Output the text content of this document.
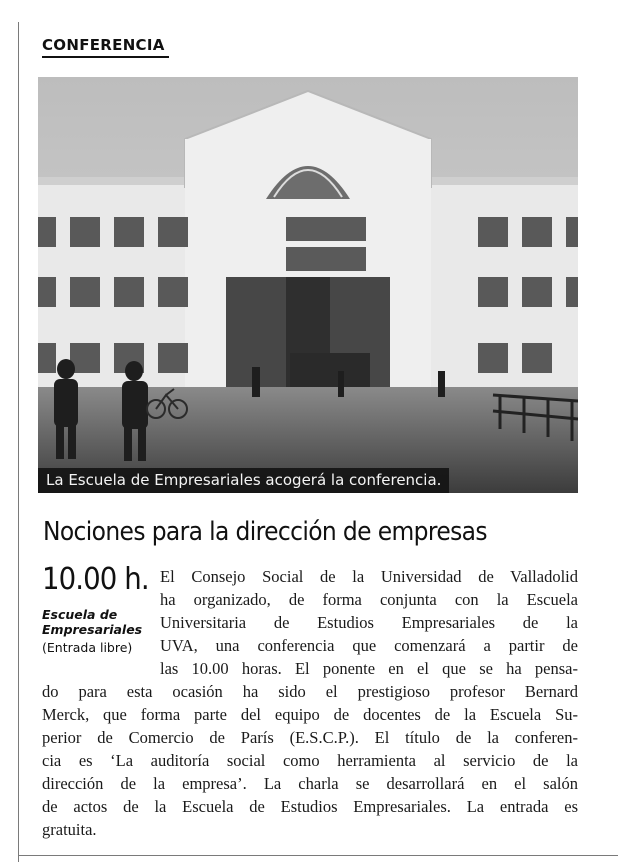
CONFERENCIA
La Escuela de Empresariales acogerá la conferencia.
Nociones para la dirección de empresas
10.00 h.
Escuela de
Empresariales
(Entrada libre)
El Consejo Social de la Universidad de Valladolid
ha organizado, de forma conjunta con la Escuela
Universitaria de Estudios Empresariales de la
UVA, una conferencia que comenzará a partir de
las 10.00 horas. El ponente en el que se ha pensa-
do para esta ocasión ha sido el prestigioso profesor Bernard
Merck, que forma parte del equipo de docentes de la Escuela Su-
perior de Comercio de París (E.S.C.P.). El título de la conferen-
cia es ‘La auditoría social como herramienta al servicio de la
dirección de la empresa’. La charla se desarrollará en el salón
de actos de la Escuela de Estudios Empresariales. La entrada es
gratuita.
